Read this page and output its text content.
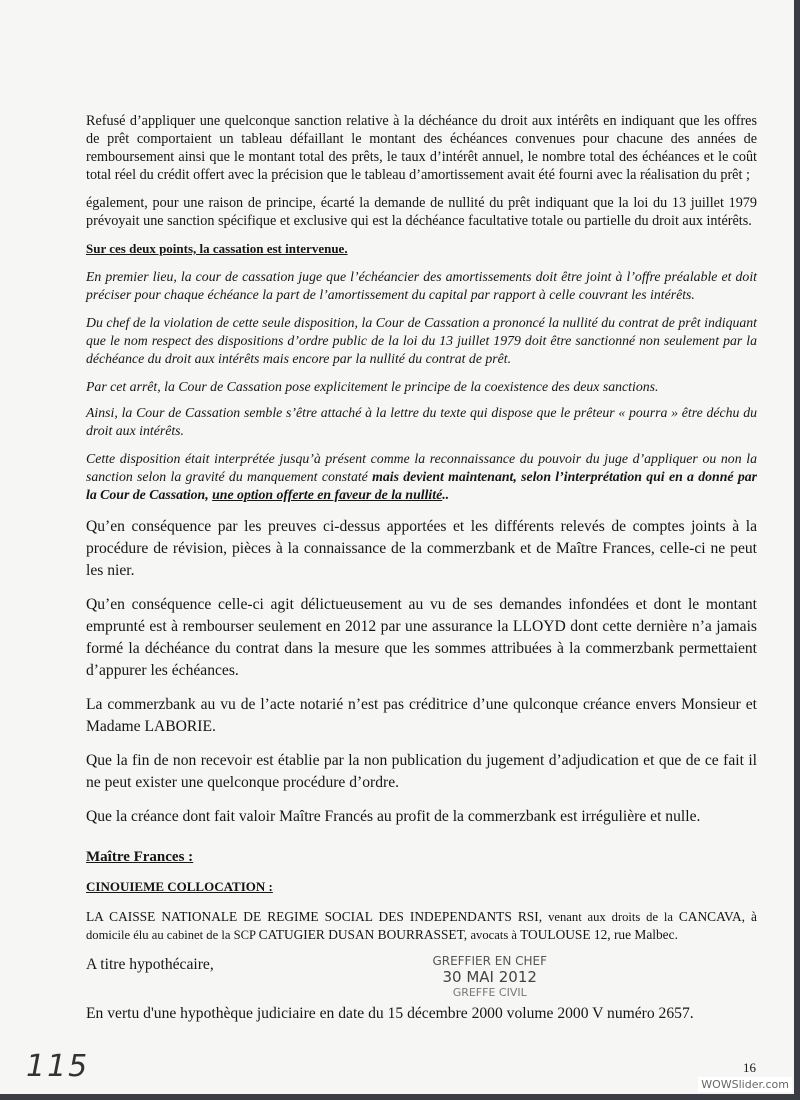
Refusé d’appliquer une quelconque sanction relative à la déchéance du droit aux intérêts en indiquant que les offres de prêt comportaient un tableau défaillant le montant des échéances convenues pour chacune des années de remboursement ainsi que le montant total des prêts, le taux d’intérêt annuel, le nombre total des échéances et le coût total réel du crédit offert avec la précision que le tableau d’amortissement avait été fourni avec la réalisation du prêt ;

également, pour une raison de principe, écarté la demande de nullité du prêt indiquant que la loi du 13 juillet 1979 prévoyait une sanction spécifique et exclusive qui est la déchéance facultative totale ou partielle du droit aux intérêts.

Sur ces deux points, la cassation est intervenue.

En premier lieu, la cour de cassation juge que l’échéancier des amortissements doit être joint à l’offre préalable et doit préciser pour chaque échéance la part de l’amortissement du capital par rapport à celle couvrant les intérêts.

Du chef de la violation de cette seule disposition, la Cour de Cassation a prononcé la nullité du contrat de prêt indiquant que le nom respect des dispositions d’ordre public de la loi du 13 juillet 1979 doit être sanctionné non seulement par la déchéance du droit aux intérêts mais encore par la nullité du contrat de prêt.

Par cet arrêt, la Cour de Cassation pose explicitement le principe de la coexistence des deux sanctions.

Ainsi, la Cour de Cassation semble s’être attaché à la lettre du texte qui dispose que le prêteur « pourra » être déchu du droit aux intérêts.

Cette disposition était interprétée jusqu’à présent comme la reconnaissance du pouvoir du juge d’appliquer ou non la sanction selon la gravité du manquement constaté mais devient maintenant, selon l’interprétation qui en a donné par la Cour de Cassation, une option offerte en faveur de la nullité..

Qu’en conséquence par les preuves ci-dessus apportées et les différents relevés de comptes joints à la procédure de révision, pièces à la connaissance de la commerzbank et de Maître Frances, celle-ci ne peut les nier.

Qu’en conséquence celle-ci agit délictueusement au vu de ses demandes infondées et dont le montant emprunté est à rembourser seulement en 2012 par une assurance la LLOYD dont cette dernière n’a jamais formé la déchéance du contrat dans la mesure que les sommes attribuées à la commerzbank permettaient d’appurer les échéances.

La commerzbank au vu de l’acte notarié n’est pas créditrice d’une qulconque créance envers Monsieur et Madame LABORIE.

Que la fin de non recevoir est établie par la non publication du jugement d’adjudication et que de ce fait il ne peut exister une quelconque procédure d’ordre.

Que la créance dont fait valoir Maître Francés au profit de la commerzbank est irrégulière et nulle.

Maître Frances :

CINOUIEME COLLOCATION :

LA CAISSE NATIONALE DE REGIME SOCIAL DES INDEPENDANTS RSI, venant aux droits de la CANCAVA, à domicile élu au cabinet de la SCP CATUGIER DUSAN BOURRASSET, avocats à TOULOUSE 12, rue Malbec.

A titre hypothécaire,	GREFFIER EN CHEF
30 MAI 2012
GREFFE CIVIL

En vertu d'une hypothèque judiciaire en date du 15 décembre 2000 volume 2000 V numéro 2657.

115	16
WOWSlider.com
